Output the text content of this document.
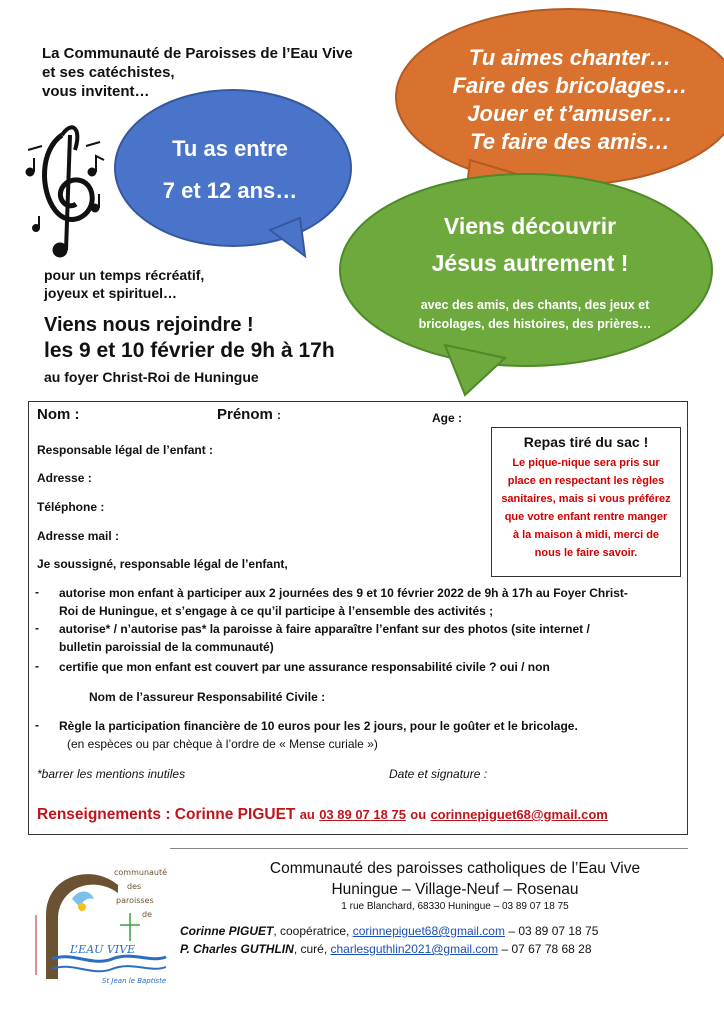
La Communauté de Paroisses de l’Eau Vive
et ses catéchistes,
vous invitent…
Tu aimes chanter…
Faire des bricolages…
Jouer et t’amuser…
Te faire des amis…
Tu as entre
7 et 12 ans…
Viens découvrir
Jésus autrement !
avec des amis, des chants, des jeux et
bricolages, des histoires, des prières…
pour un temps récréatif,
joyeux et spirituel…
Viens nous rejoindre !
les 9 et 10 février de 9h à 17h
au foyer Christ-Roi de Huningue
Nom :	Prénom :	Age :
Responsable légal de l’enfant :
Adresse :
Téléphone :
Adresse mail :
Je soussigné, responsable légal de l’enfant,
Repas tiré du sac !
Le pique-nique sera pris sur
place en respectant les règles
sanitaires, mais si vous préférez
que votre enfant rentre manger
à la maison à midi, merci de
nous le faire savoir.
- autorise mon enfant à participer aux 2 journées des 9 et 10 février 2022 de 9h à 17h au Foyer Christ-
Roi de Huningue, et s’engage à ce qu’il participe à l’ensemble des activités ;
- autorise* / n’autorise pas* la paroisse à faire apparaître l’enfant sur des photos (site internet /
bulletin paroissial de la communauté)
- certifie que mon enfant est couvert par une assurance responsabilité civile ? oui / non
Nom de l’assureur Responsabilité Civile :
- Règle la participation financière de 10 euros pour les 2 jours, pour le goûter et le bricolage.
(en espèces ou par chèque à l’ordre de « Mense curiale »)
*barrer les mentions inutiles	Date et signature :
Renseignements : Corinne PIGUET au 03 89 07 18 75 ou corinnepiguet68@gmail.com
communauté
des
paroisses
de
L’EAU VIVE
St Jean le Baptiste
Communauté des paroisses catholiques de l’Eau Vive
Huningue – Village-Neuf – Rosenau
1 rue Blanchard, 68330 Huningue – 03 89 07 18 75
Corinne PIGUET, coopératrice, corinnepiguet68@gmail.com – 03 89 07 18 75
P. Charles GUTHLIN, curé, charlesguthlin2021@gmail.com – 07 67 78 68 28
